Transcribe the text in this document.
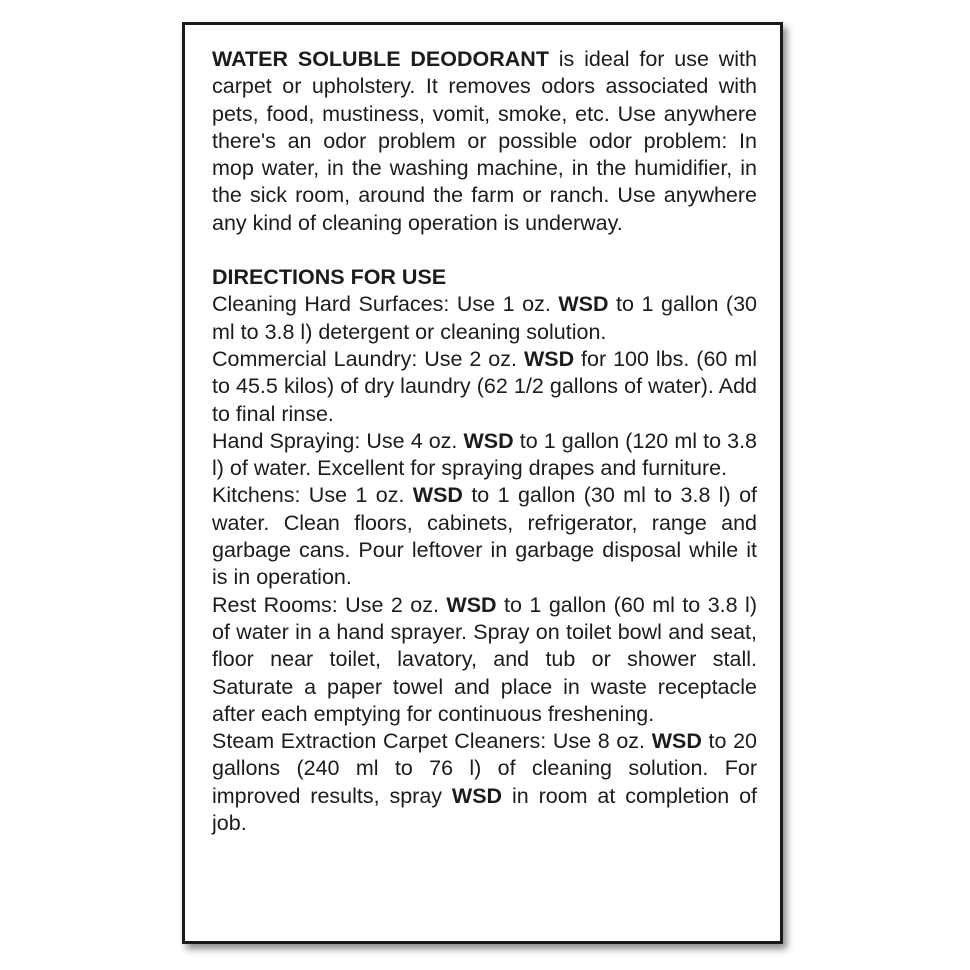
WATER SOLUBLE DEODORANT is ideal for use with carpet or upholstery. It removes odors associated with pets, food, mustiness, vomit, smoke, etc. Use anywhere there's an odor problem or possible odor problem: In mop water, in the washing machine, in the humidifier, in the sick room, around the farm or ranch. Use anywhere any kind of cleaning operation is underway.

DIRECTIONS FOR USE

Cleaning Hard Surfaces: Use 1 oz. WSD to 1 gallon (30 ml to 3.8 l) detergent or cleaning solution.

Commercial Laundry: Use 2 oz. WSD for 100 lbs. (60 ml to 45.5 kilos) of dry laundry (62 1/2 gallons of water). Add to final rinse.

Hand Spraying: Use 4 oz. WSD to 1 gallon (120 ml to 3.8 l) of water. Excellent for spraying drapes and furniture.

Kitchens: Use 1 oz. WSD to 1 gallon (30 ml to 3.8 l) of water. Clean floors, cabinets, refrigerator, range and garbage cans. Pour leftover in garbage disposal while it is in operation.

Rest Rooms: Use 2 oz. WSD to 1 gallon (60 ml to 3.8 l) of water in a hand sprayer. Spray on toilet bowl and seat, floor near toilet, lavatory, and tub or shower stall. Saturate a paper towel and place in waste receptacle after each emptying for continuous freshening.

Steam Extraction Carpet Cleaners: Use 8 oz. WSD to 20 gallons (240 ml to 76 l) of cleaning solution. For improved results, spray WSD in room at completion of job.
